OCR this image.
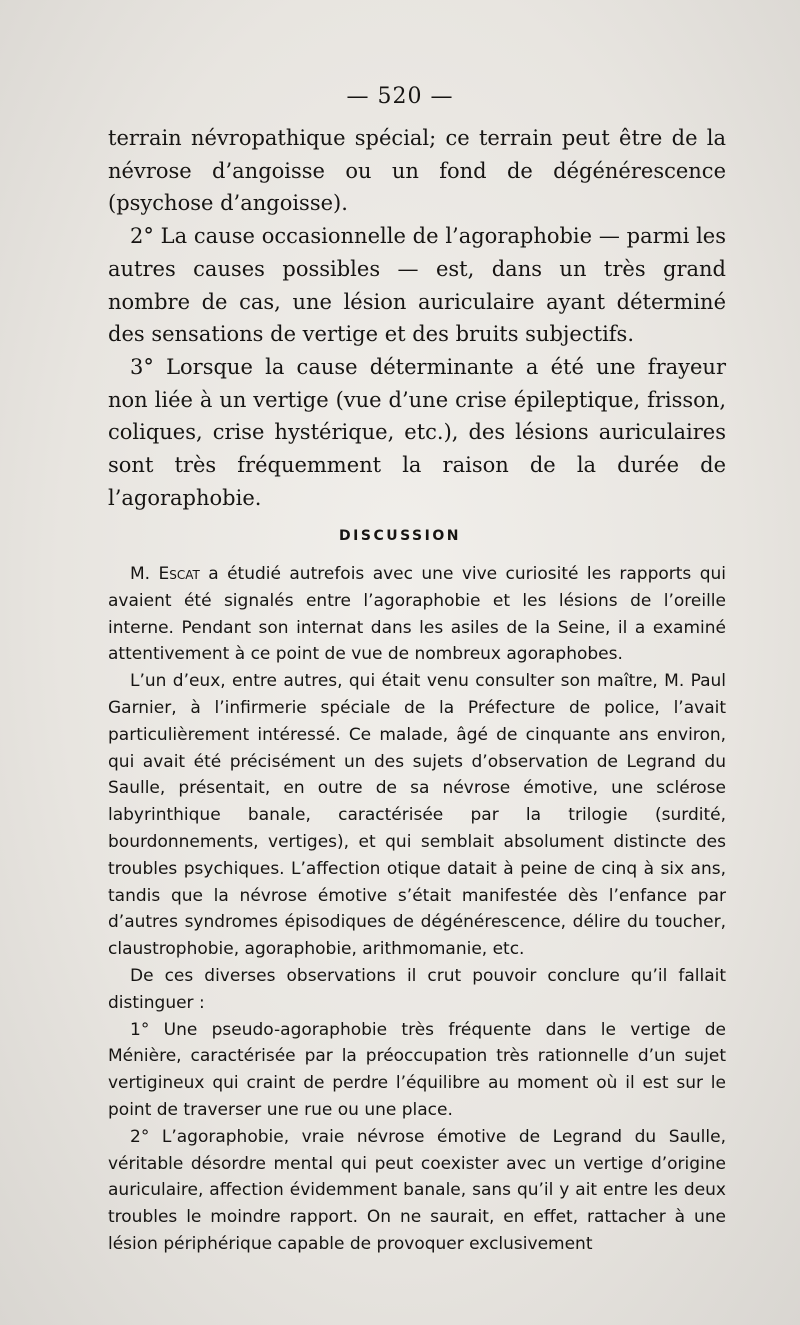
— 520 —

terrain névropathique spécial; ce terrain peut être de la névrose d’angoisse ou un fond de dégénérescence (psychose d’angoisse).

2° La cause occasionnelle de l’agoraphobie — parmi les autres causes possibles — est, dans un très grand nombre de cas, une lésion auriculaire ayant déterminé des sensations de vertige et des bruits subjectifs.

3° Lorsque la cause déterminante a été une frayeur non liée à un vertige (vue d’une crise épileptique, frisson, coliques, crise hystérique, etc.), des lésions auriculaires sont très fréquemment la raison de la durée de l’agoraphobie.

DISCUSSION

M. Escat a étudié autrefois avec une vive curiosité les rapports qui avaient été signalés entre l’agoraphobie et les lésions de l’oreille interne. Pendant son internat dans les asiles de la Seine, il a examiné attentivement à ce point de vue de nombreux agoraphobes.

L’un d’eux, entre autres, qui était venu consulter son maître, M. Paul Garnier, à l’infirmerie spéciale de la Préfecture de police, l’avait particulièrement intéressé. Ce malade, âgé de cinquante ans environ, qui avait été précisément un des sujets d’observation de Legrand du Saulle, présentait, en outre de sa névrose émotive, une sclérose labyrinthique banale, caractérisée par la trilogie (surdité, bourdonnements, vertiges), et qui semblait absolument distincte des troubles psychiques. L’affection otique datait à peine de cinq à six ans, tandis que la névrose émotive s’était manifestée dès l’enfance par d’autres syndromes épisodiques de dégénérescence, délire du toucher, claustrophobie, agoraphobie, arithmomanie, etc.

De ces diverses observations il crut pouvoir conclure qu’il fallait distinguer :

1° Une pseudo-agoraphobie très fréquente dans le vertige de Ménière, caractérisée par la préoccupation très rationnelle d’un sujet vertigineux qui craint de perdre l’équilibre au moment où il est sur le point de traverser une rue ou une place.

2° L’agoraphobie, vraie névrose émotive de Legrand du Saulle, véritable désordre mental qui peut coexister avec un vertige d’origine auriculaire, affection évidemment banale, sans qu’il y ait entre les deux troubles le moindre rapport. On ne saurait, en effet, rattacher à une lésion périphérique capable de provoquer exclusivement
